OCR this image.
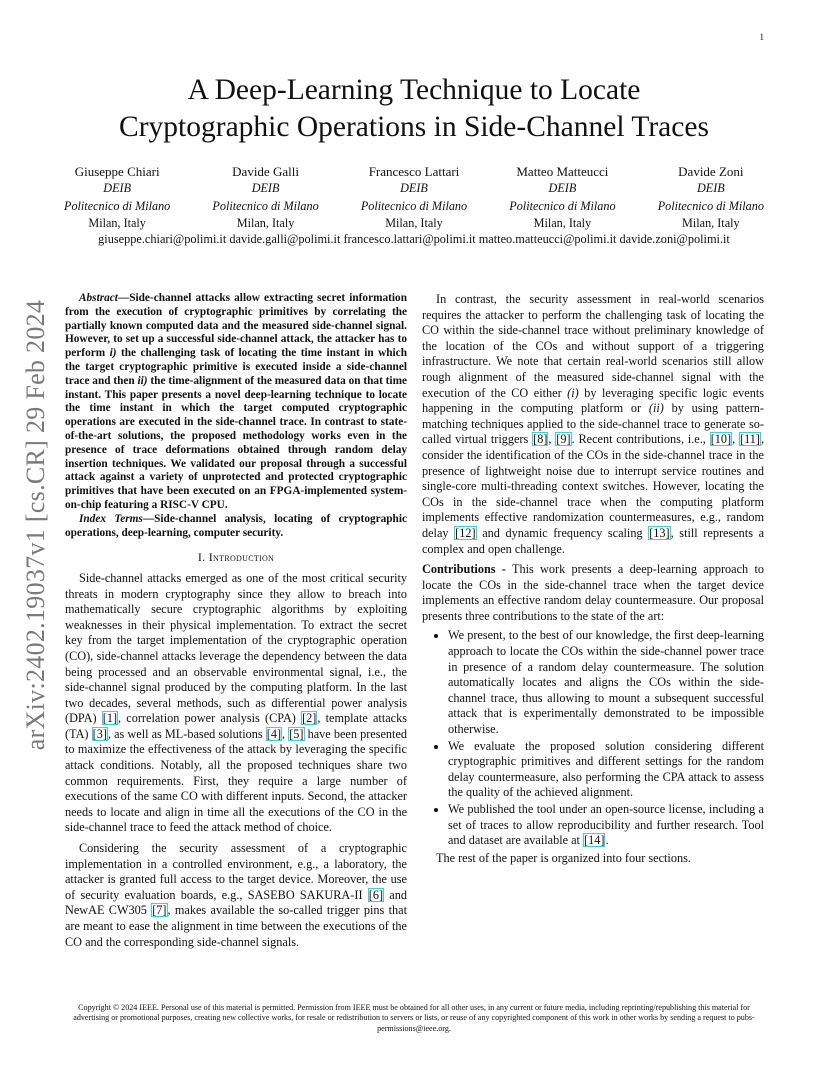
1
A Deep-Learning Technique to Locate
Cryptographic Operations in Side-Channel Traces
Giuseppe Chiari
DEIB
Politecnico di Milano
Milan, Italy
Davide Galli
DEIB
Politecnico di Milano
Milan, Italy
Francesco Lattari
DEIB
Politecnico di Milano
Milan, Italy
Matteo Matteucci
DEIB
Politecnico di Milano
Milan, Italy
Davide Zoni
DEIB
Politecnico di Milano
Milan, Italy
giuseppe.chiari@polimi.it davide.galli@polimi.it francesco.lattari@polimi.it matteo.matteucci@polimi.it davide.zoni@polimi.it
arXiv:2402.19037v1 [cs.CR] 29 Feb 2024

Abstract—Side-channel attacks allow extracting secret information from the execution of cryptographic primitives by correlating the partially known computed data and the measured side-channel signal. However, to set up a successful side-channel attack, the attacker has to perform i) the challenging task of locating the time instant in which the target cryptographic primitive is executed inside a side-channel trace and then ii) the time-alignment of the measured data on that time instant. This paper presents a novel deep-learning technique to locate the time instant in which the target computed cryptographic operations are executed in the side-channel trace. In contrast to state-of-the-art solutions, the proposed methodology works even in the presence of trace deformations obtained through random delay insertion techniques. We validated our proposal through a successful attack against a variety of unprotected and protected cryptographic primitives that have been executed on an FPGA-implemented system-on-chip featuring a RISC-V CPU.

Index Terms—Side-channel analysis, locating of cryptographic operations, deep-learning, computer security.

I. Introduction

Side-channel attacks emerged as one of the most critical security threats in modern cryptography since they allow to breach into mathematically secure cryptographic algorithms by exploiting weaknesses in their physical implementation. To extract the secret key from the target implementation of the cryptographic operation (CO), side-channel attacks leverage the dependency between the data being processed and an observable environmental signal, i.e., the side-channel signal produced by the computing platform. In the last two decades, several methods, such as differential power analysis (DPA) [1], correlation power analysis (CPA) [2], template attacks (TA) [3], as well as ML-based solutions [4], [5] have been presented to maximize the effectiveness of the attack by leveraging the specific attack conditions. Notably, all the proposed techniques share two common requirements. First, they require a large number of executions of the same CO with different inputs. Second, the attacker needs to locate and align in time all the executions of the CO in the side-channel trace to feed the attack method of choice.

Considering the security assessment of a cryptographic implementation in a controlled environment, e.g., a laboratory, the attacker is granted full access to the target device. Moreover, the use of security evaluation boards, e.g., SASEBO SAKURA-II [6] and NewAE CW305 [7], makes available the so-called trigger pins that are meant to ease the alignment in time between the executions of the CO and the corresponding side-channel signals.

In contrast, the security assessment in real-world scenarios requires the attacker to perform the challenging task of locating the CO within the side-channel trace without preliminary knowledge of the location of the COs and without support of a triggering infrastructure. We note that certain real-world scenarios still allow rough alignment of the measured side-channel signal with the execution of the CO either (i) by leveraging specific logic events happening in the computing platform or (ii) by using pattern-matching techniques applied to the side-channel trace to generate so-called virtual triggers [8], [9]. Recent contributions, i.e., [10], [11], consider the identification of the COs in the side-channel trace in the presence of lightweight noise due to interrupt service routines and single-core multi-threading context switches. However, locating the COs in the side-channel trace when the computing platform implements effective randomization countermeasures, e.g., random delay [12] and dynamic frequency scaling [13], still represents a complex and open challenge.

Contributions - This work presents a deep-learning approach to locate the COs in the side-channel trace when the target device implements an effective random delay countermeasure. Our proposal presents three contributions to the state of the art:

• We present, to the best of our knowledge, the first deep-learning approach to locate the COs within the side-channel power trace in presence of a random delay countermeasure. The solution automatically locates and aligns the COs within the side-channel trace, thus allowing to mount a subsequent successful attack that is experimentally demonstrated to be impossible otherwise.
• We evaluate the proposed solution considering different cryptographic primitives and different settings for the random delay countermeasure, also performing the CPA attack to assess the quality of the achieved alignment.
• We published the tool under an open-source license, including a set of traces to allow reproducibility and further research. Tool and dataset are available at [14].

The rest of the paper is organized into four sections.

Copyright © 2024 IEEE. Personal use of this material is permitted. Permission from IEEE must be obtained for all other uses, in any current or future media, including reprinting/republishing this material for advertising or promotional purposes, creating new collective works, for resale or redistribution to servers or lists, or reuse of any copyrighted component of this work in other works by sending a request to pubs-permissions@ieee.org.
